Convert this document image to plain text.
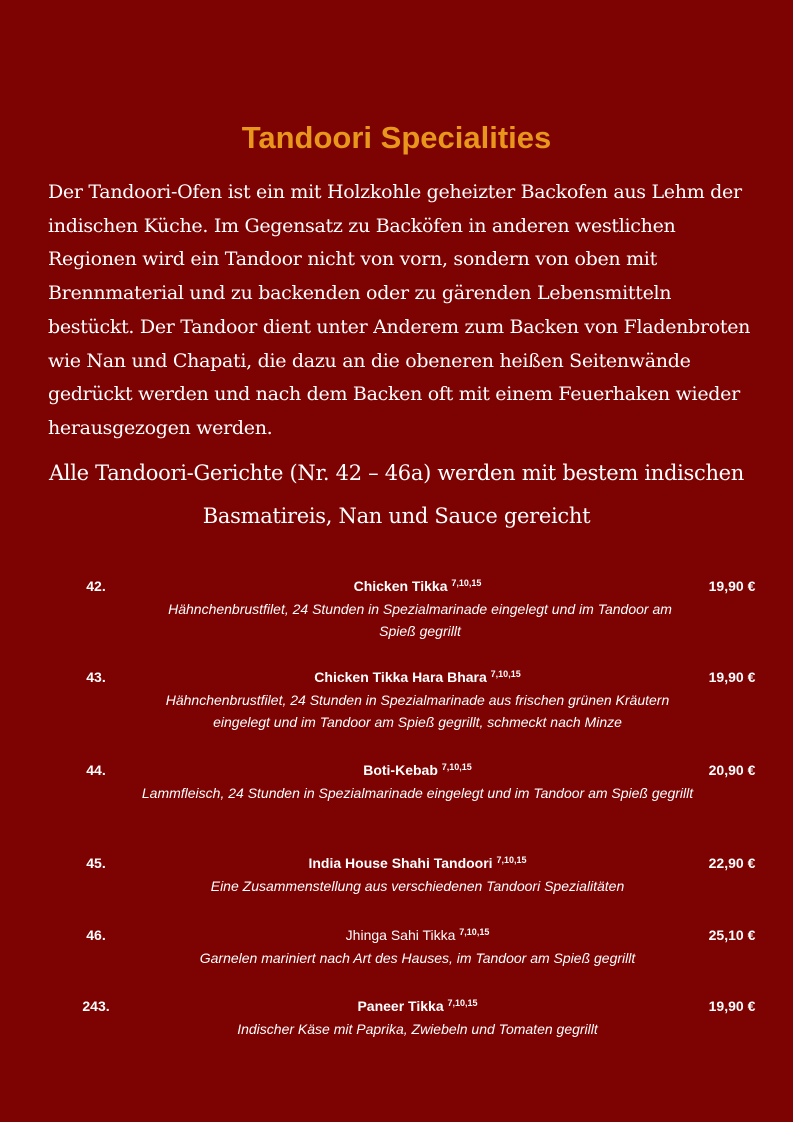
Tandoori Specialities

Der Tandoori-Ofen ist ein mit Holzkohle geheizter Backofen aus Lehm der indischen Küche. Im Gegensatz zu Backöfen in anderen westlichen Regionen wird ein Tandoor nicht von vorn, sondern von oben mit Brennmaterial und zu backenden oder zu gärenden Lebensmitteln bestückt. Der Tandoor dient unter Anderem zum Backen von Fladenbroten wie Nan und Chapati, die dazu an die obeneren heißen Seitenwände gedrückt werden und nach dem Backen oft mit einem Feuerhaken wieder herausgezogen werden.

Alle Tandoori-Gerichte (Nr. 42 – 46a) werden mit bestem indischen Basmatireis, Nan und Sauce gereicht

42.	Chicken Tikka $^{7,10,15}$	19,90 €
Hähnchenbrustfilet, 24 Stunden in Spezialmarinade eingelegt und im Tandoor am Spieß gegrillt
43.	Chicken Tikka Hara Bhara $^{7,10,15}$	19,90 €
Hähnchenbrustfilet, 24 Stunden in Spezialmarinade aus frischen grünen Kräutern eingelegt und im Tandoor am Spieß gegrillt, schmeckt nach Minze
44.	Boti-Kebab $^{7,10,15}$	20,90 €
Lammfleisch, 24 Stunden in Spezialmarinade eingelegt und im Tandoor am Spieß gegrillt
45.	India House Shahi Tandoori $^{7,10,15}$	22,90 €
Eine Zusammenstellung aus verschiedenen Tandoori Spezialitäten
46.	Jhinga Sahi Tikka $^{7,10,15}$	25,10 €
Garnelen mariniert nach Art des Hauses, im Tandoor am Spieß gegrillt
243.	Paneer Tikka $^{7,10,15}$	19,90 €
Indischer Käse mit Paprika, Zwiebeln und Tomaten gegrillt
